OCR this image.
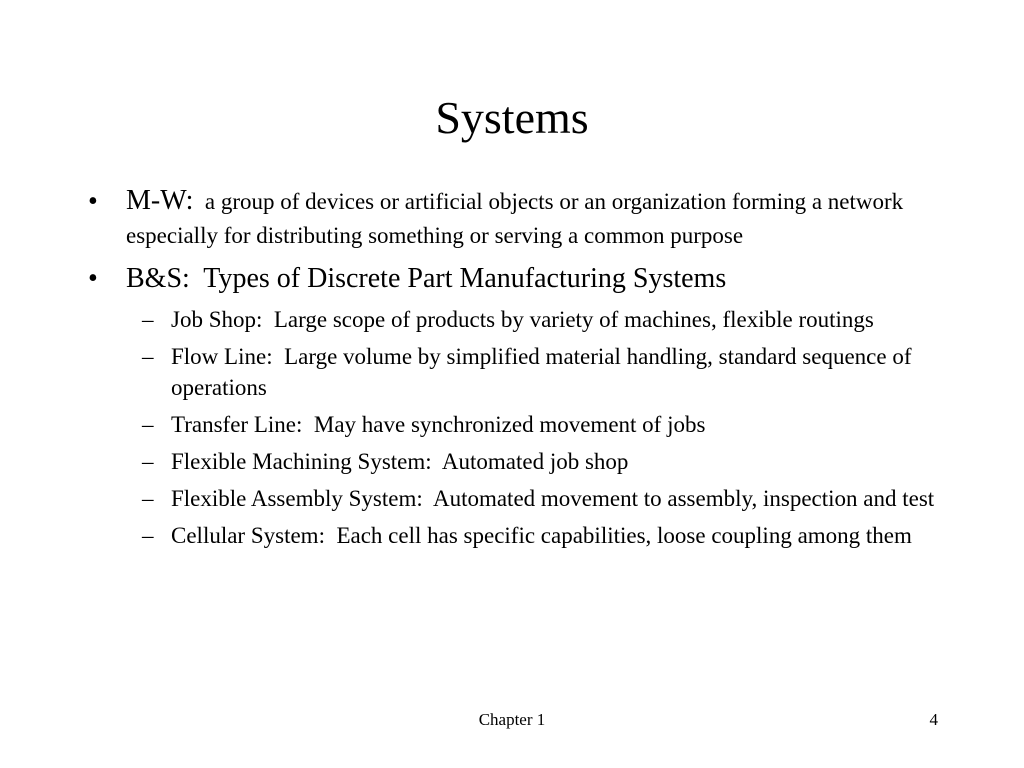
Systems
• M-W: a group of devices or artificial objects or an organization forming a network especially for distributing something or serving a common purpose
• B&S:  Types of Discrete Part Manufacturing Systems
– Job Shop:  Large scope of products by variety of machines, flexible routings
– Flow Line:  Large volume by simplified material handling, standard sequence of operations
– Transfer Line:  May have synchronized movement of jobs
– Flexible Machining System:  Automated job shop
– Flexible Assembly System:  Automated movement to assembly, inspection and test
– Cellular System:  Each cell has specific capabilities, loose coupling among them
Chapter 1	4
